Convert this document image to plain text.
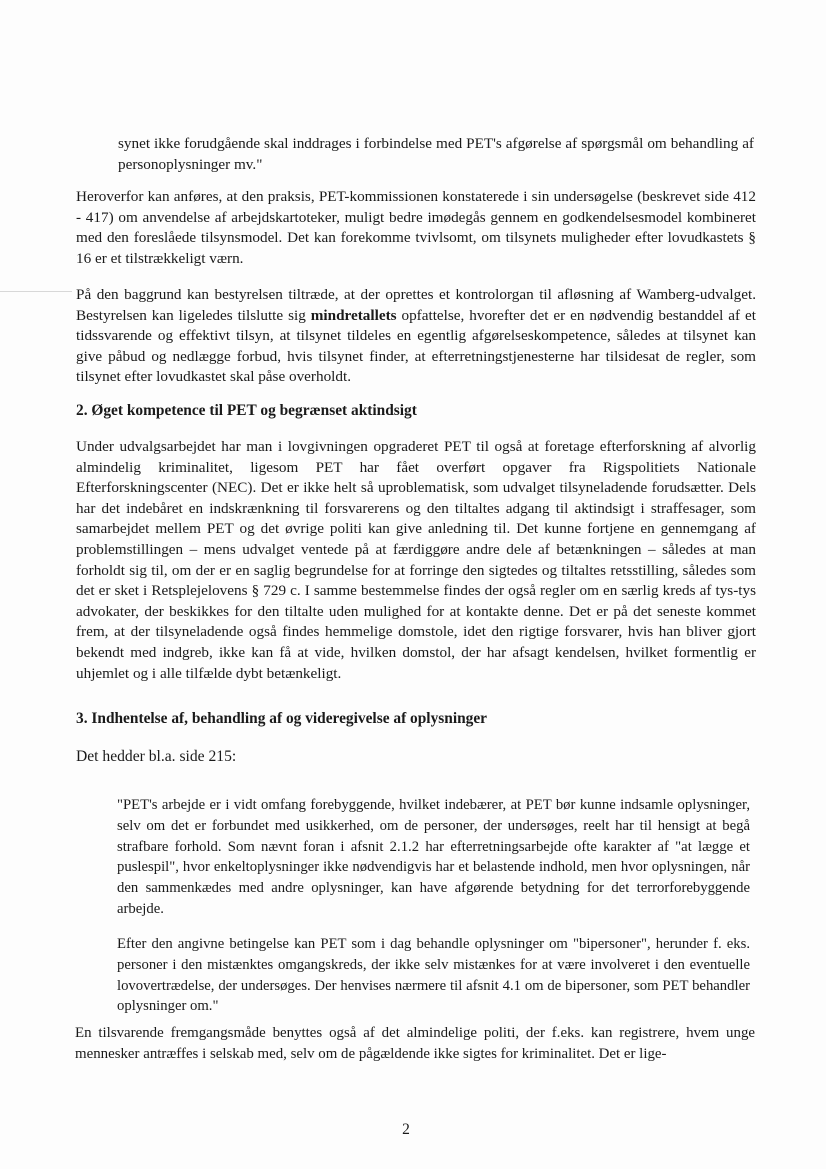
synet ikke forudgående skal inddrages i forbindelse med PET's afgørelse af spørgsmål om behandling af personoplysninger mv."

Heroverfor kan anføres, at den praksis, PET-kommissionen konstaterede i sin undersøgelse (beskrevet side 412 - 417) om anvendelse af arbejdskartoteker, muligt bedre imødegås gennem en godkendelsesmodel kombineret med den foreslåede tilsynsmodel. Det kan forekomme tvivlsomt, om tilsynets muligheder efter lovudkastets § 16 er et tilstrækkeligt værn.

På den baggrund kan bestyrelsen tiltræde, at der oprettes et kontrolorgan til afløsning af Wamberg-udvalget. Bestyrelsen kan ligeledes tilslutte sig mindretallets opfattelse, hvorefter det er en nødvendig bestanddel af et tidssvarende og effektivt tilsyn, at tilsynet tildeles en egentlig afgørelseskompetence, således at tilsynet kan give påbud og nedlægge forbud, hvis tilsynet finder, at efterretningstjenesterne har tilsidesat de regler, som tilsynet efter lovudkastet skal påse overholdt.

2. Øget kompetence til PET og begrænset aktindsigt

Under udvalgsarbejdet har man i lovgivningen opgraderet PET til også at foretage efterforskning af alvorlig almindelig kriminalitet, ligesom PET har fået overført opgaver fra Rigspolitiets Nationale Efterforskningscenter (NEC). Det er ikke helt så uproblematisk, som udvalget tilsyneladende forudsætter. Dels har det indebåret en indskrænkning til forsvarerens og den tiltaltes adgang til aktindsigt i straffesager, som samarbejdet mellem PET og det øvrige politi kan give anledning til. Det kunne fortjene en gennemgang af problemstillingen – mens udvalget ventede på at færdiggøre andre dele af betænkningen – således at man forholdt sig til, om der er en saglig begrundelse for at forringe den sigtedes og tiltaltes retsstilling, således som det er sket i Retsplejelovens § 729 c. I samme bestemmelse findes der også regler om en særlig kreds af tys-tys advokater, der beskikkes for den tiltalte uden mulighed for at kontakte denne. Det er på det seneste kommet frem, at der tilsyneladende også findes hemmelige domstole, idet den rigtige forsvarer, hvis han bliver gjort bekendt med indgreb, ikke kan få at vide, hvilken domstol, der har afsagt kendelsen, hvilket formentlig er uhjemlet og i alle tilfælde dybt betænkeligt.

3. Indhentelse af, behandling af og videregivelse af oplysninger

Det hedder bl.a. side 215:

"PET's arbejde er i vidt omfang forebyggende, hvilket indebærer, at PET bør kunne indsamle oplysninger, selv om det er forbundet med usikkerhed, om de personer, der undersøges, reelt har til hensigt at begå strafbare forhold. Som nævnt foran i afsnit 2.1.2 har efterretningsarbejde ofte karakter af "at lægge et puslespil", hvor enkeltoplysninger ikke nødvendigvis har et belastende indhold, men hvor oplysningen, når den sammenkædes med andre oplysninger, kan have afgørende betydning for det terrorforebyggende arbejde.

Efter den angivne betingelse kan PET som i dag behandle oplysninger om "bipersoner", herunder f. eks. personer i den mistænktes omgangskreds, der ikke selv mistænkes for at være involveret i den eventuelle lovovertrædelse, der undersøges. Der henvises nærmere til afsnit 4.1 om de bipersoner, som PET behandler oplysninger om."

En tilsvarende fremgangsmåde benyttes også af det almindelige politi, der f.eks. kan registrere, hvem unge mennesker antræffes i selskab med, selv om de pågældende ikke sigtes for kriminalitet. Det er lige-

2
